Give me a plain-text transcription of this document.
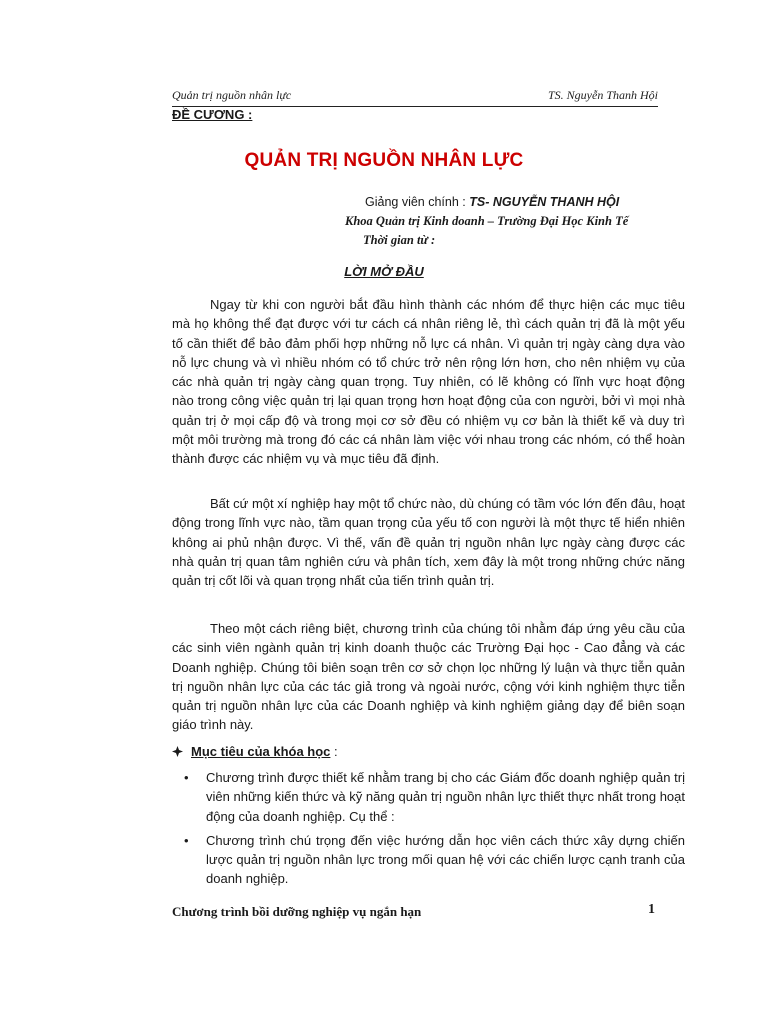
Quản trị nguồn nhân lực	TS. Nguyễn Thanh Hội
ĐỀ CƯƠNG :
QUẢN TRỊ NGUỒN NHÂN LỰC
Giảng viên chính : TS- NGUYỄN THANH HỘI
Khoa Quản trị Kinh doanh – Trường Đại Học Kinh Tế
Thời gian từ :
LỜI MỞ ĐẦU

Ngay từ khi con người bắt đầu hình thành các nhóm để thực hiện các mục tiêu mà họ không thể đạt được với tư cách cá nhân riêng lẻ, thì cách quản trị đã là một yếu tố cần thiết để bảo đảm phối hợp những nỗ lực cá nhân. Vì quản trị ngày càng dựa vào nỗ lực chung và vì nhiều nhóm có tổ chức trở nên rộng lớn hơn, cho nên nhiệm vụ của các nhà quản trị ngày càng quan trọng. Tuy nhiên, có lẽ không có lĩnh vực hoạt động nào trong công việc quản trị lại quan trọng hơn hoạt động của con người, bởi vì mọi nhà quản trị ở mọi cấp độ và trong mọi cơ sở đều có nhiệm vụ cơ bản là thiết kế và duy trì một môi trường mà trong đó các cá nhân làm việc với nhau trong các nhóm, có thể hoàn thành được các nhiệm vụ và mục tiêu đã định.

Bất cứ một xí nghiệp hay một tổ chức nào, dù chúng có tầm vóc lớn đến đâu, hoạt động trong lĩnh vực nào, tầm quan trọng của yếu tố con người là một thực tế hiển nhiên không ai phủ nhận được. Vì thế, vấn đề quản trị nguồn nhân lực ngày càng được các nhà quản trị quan tâm nghiên cứu và phân tích, xem đây là một trong những chức năng quản trị cốt lõi và quan trọng nhất của tiến trình quản trị.

Theo một cách riêng biệt, chương trình của chúng tôi nhằm đáp ứng yêu cầu của các sinh viên ngành quản trị kinh doanh thuộc các Trường Đại học - Cao đẳng và các Doanh nghiệp. Chúng tôi biên soạn trên cơ sở chọn lọc những lý luận và thực tiễn quản trị nguồn nhân lực của các tác giả trong và ngoài nước, cộng với kinh nghiệm thực tiễn quản trị nguồn nhân lực của các Doanh nghiệp và kinh nghiệm giảng dạy để biên soạn giáo trình này.

Mục tiêu của khóa học :
• Chương trình được thiết kế nhằm trang bị cho các Giám đốc doanh nghiệp quản trị viên những kiến thức và kỹ năng quản trị nguồn nhân lực thiết thực nhất trong hoạt động của doanh nghiệp. Cụ thể :
• Chương trình chú trọng đến việc hướng dẫn học viên cách thức xây dựng chiến lược quản trị nguồn nhân lực trong mối quan hệ với các chiến lược cạnh tranh của doanh nghiệp.
Chương trình bồi dưỡng nghiệp vụ ngắn hạn	1
